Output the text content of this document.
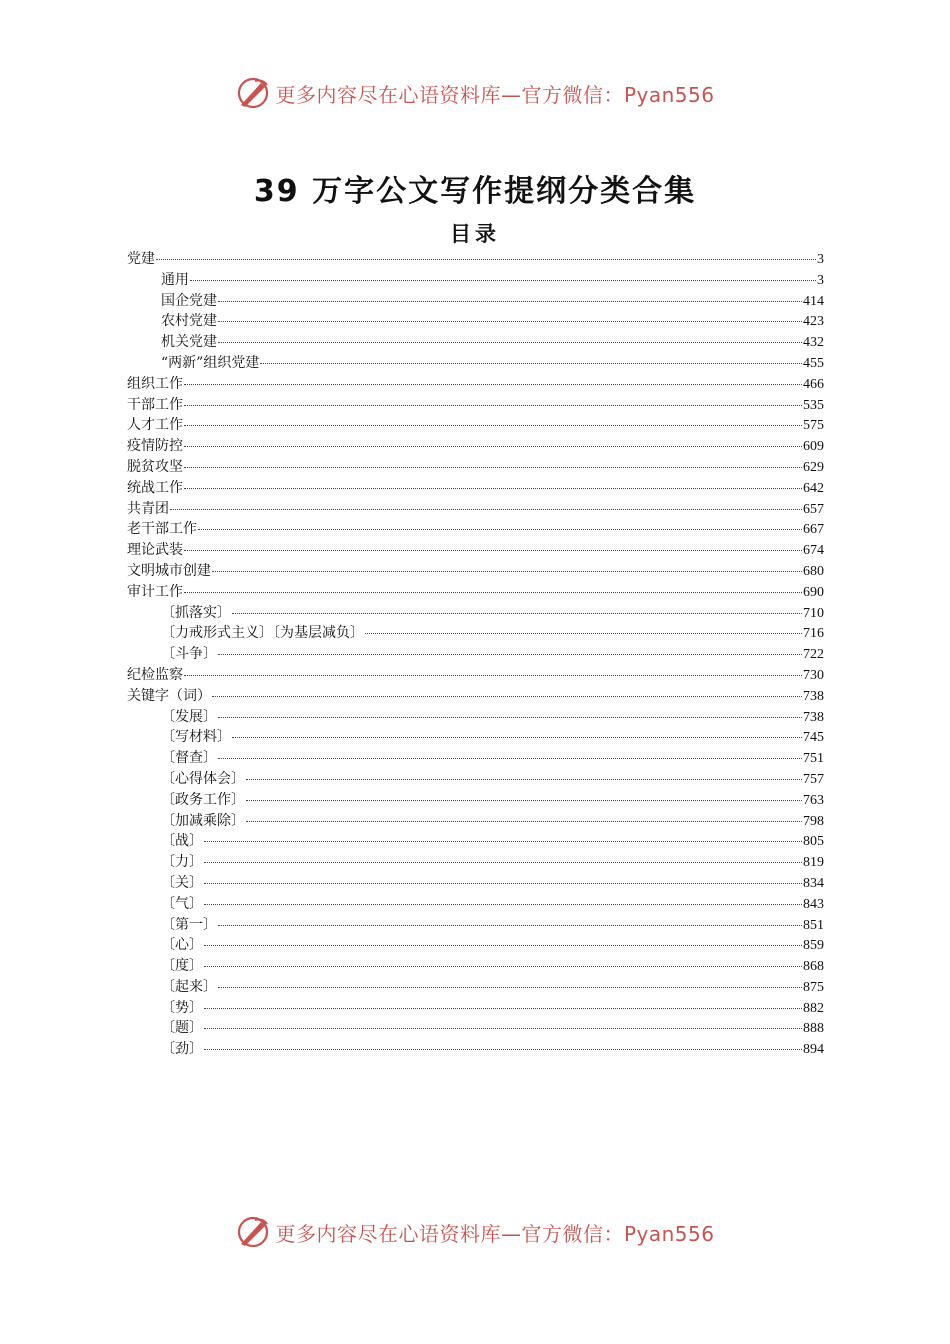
更多内容尽在心语资料库—官方微信：Pyan556
39 万字公文写作提纲分类合集
目录
党建	3
通用	3
国企党建	414
农村党建	423
机关党建	432
“两新”组织党建	455
组织工作	466
干部工作	535
人才工作	575
疫情防控	609
脱贫攻坚	629
统战工作	642
共青团	657
老干部工作	667
理论武装	674
文明城市创建	680
审计工作	690
〔抓落实〕	710
〔力戒形式主义〕〔为基层减负〕	716
〔斗争〕	722
纪检监察	730
关键字（词）	738
〔发展〕	738
〔写材料〕	745
〔督查〕	751
〔心得体会〕	757
〔政务工作〕	763
〔加减乘除〕	798
〔战〕	805
〔力〕	819
〔关〕	834
〔气〕	843
〔第一〕	851
〔心〕	859
〔度〕	868
〔起来〕	875
〔势〕	882
〔题〕	888
〔劲〕	894
更多内容尽在心语资料库—官方微信：Pyan556
